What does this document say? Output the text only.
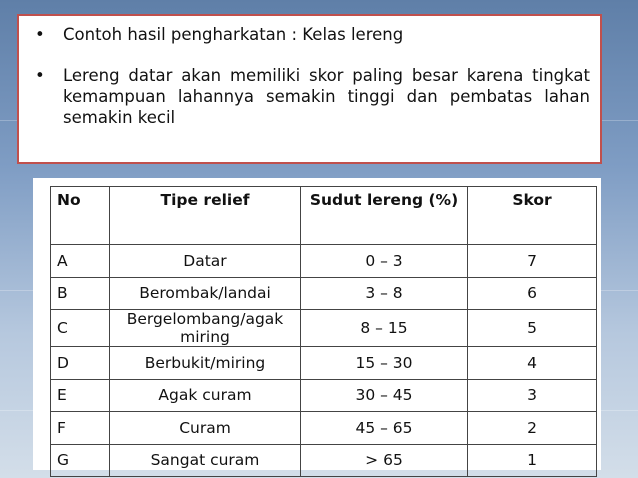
• Contoh hasil pengharkatan : Kelas lereng
• Lereng datar akan memiliki skor paling besar karena tingkat kemampuan lahannya semakin tinggi dan pembatas lahan semakin kecil
No	Tipe relief	Sudut lereng (%)	Skor
A	Datar	0 – 3	7
B	Berombak/landai	3 – 8	6
C	Bergelombang/agak miring	8 – 15	5
D	Berbukit/miring	15 – 30	4
E	Agak curam	30 – 45	3
F	Curam	45 – 65	2
G	Sangat curam	> 65	1
